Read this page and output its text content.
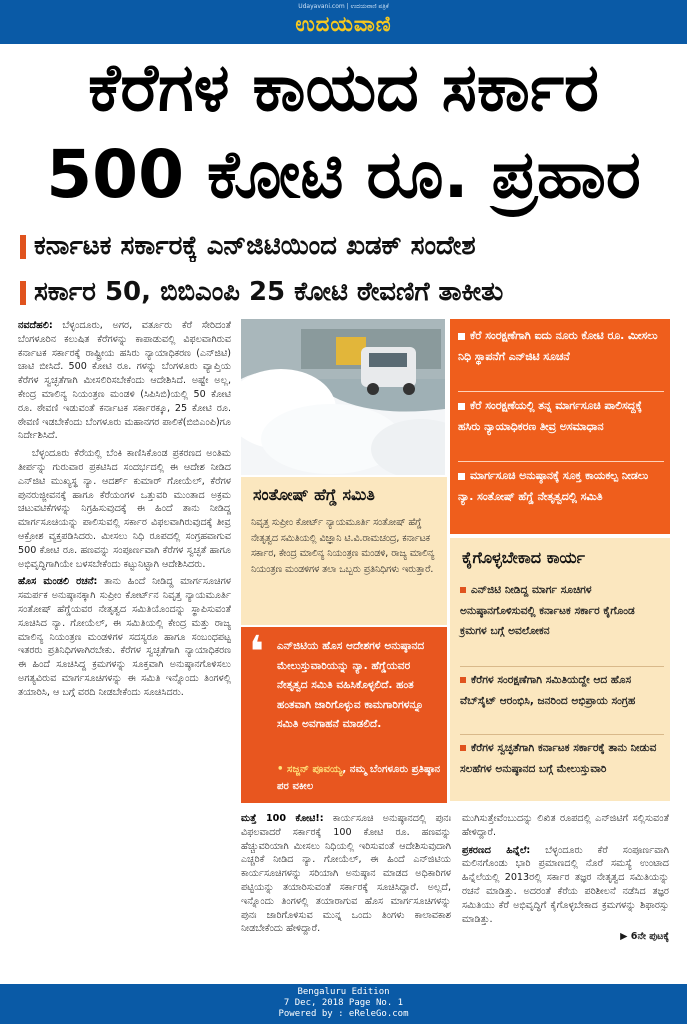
Udayavani.com | ಉದಯವಾಣಿ ಪತ್ರಿಕೆ
ಉದಯವಾಣಿ
ಕೆರೆಗಳ ಕಾಯದ ಸರ್ಕಾರ
500 ಕೋಟಿ ರೂ. ಪ್ರಹಾರ
ಕರ್ನಾಟಕ ಸರ್ಕಾರಕ್ಕೆ ಎನ್‌ಜಿಟಿಯಿಂದ ಖಡಕ್ ಸಂದೇಶ
ಸರ್ಕಾರ 50, ಬಿಬಿಎಂಪಿ 25 ಕೋಟಿ ಠೇವಣಿಗೆ ತಾಕೀತು

ನವದೆಹಲಿ: ಬೆಳ್ಳಂದೂರು, ಅಗರ, ವರ್ತೂರು ಕೆರೆ ಸೇರಿದಂತೆ ಬೆಂಗಳೂರಿನ ಕಲುಷಿತ ಕೆರೆಗಳನ್ನು ಕಾಪಾಡುವಲ್ಲಿ ವಿಫಲವಾಗಿರುವ ಕರ್ನಾಟಕ ಸರ್ಕಾರಕ್ಕೆ ರಾಷ್ಟ್ರೀಯ ಹಸಿರು ನ್ಯಾಯಾಧಿಕರಣ (ಎನ್‌ಜಿಟಿ) ಚಾಟಿ ಬೀಸಿದೆ. 500 ಕೋಟಿ ರೂ. ಗಳನ್ನು ಬೆಂಗಳೂರು ವ್ಯಾಪ್ತಿಯ ಕೆರೆಗಳ ಸ್ವಚ್ಛತೆಗಾಗಿ ಮೀಸಲಿರಿಸಬೇಕೆಂದು ಆದೇಶಿಸಿದೆ. ಅಷ್ಟೇ ಅಲ್ಲ, ಕೇಂದ್ರ ಮಾಲಿನ್ಯ ನಿಯಂತ್ರಣ ಮಂಡಳಿ (ಸಿಪಿಸಿಬಿ)ಯಲ್ಲಿ 50 ಕೋಟಿ ರೂ. ಠೇವಣಿ ಇಡುವಂತೆ ಕರ್ನಾಟಕ ಸರ್ಕಾರಕ್ಕೂ, 25 ಕೋಟಿ ರೂ. ಠೇವಣಿ ಇಡಬೇಕೆಂದು ಬೆಂಗಳೂರು ಮಹಾನಗರ ಪಾಲಿಕೆ(ಬಿಬಿಎಂಪಿ)ಗೂ ನಿರ್ದೇಶಿಸಿದೆ.

ಬೆಳ್ಳಂದೂರು ಕೆರೆಯಲ್ಲಿ ಬೆಂಕಿ ಕಾಣಿಸಿಕೊಂಡ ಪ್ರಕರಣದ ಅಂತಿಮ ತೀರ್ಪನ್ನು ಗುರುವಾರ ಪ್ರಕಟಿಸಿದ ಸಂದರ್ಭದಲ್ಲಿ ಈ ಆದೇಶ ನೀಡಿದ ಎನ್‌ಜಿಟಿ ಮುಖ್ಯಸ್ಥ ನ್ಯಾ. ಆದರ್ಶ್ ಕುಮಾರ್ ಗೋಯೆಲ್, ಕೆರೆಗಳ ಪುನರುಜ್ಜೀವನಕ್ಕೆ ಹಾಗೂ ಕೆರೆಯಂಗಳ ಒತ್ತುವರಿ ಮುಂತಾದ ಅಕ್ರಮ ಚಟುವಟಿಕೆಗಳನ್ನು ನಿಗ್ರಹಿಸುವುದಕ್ಕೆ ಈ ಹಿಂದೆ ತಾನು ನೀಡಿದ್ದ ಮಾರ್ಗಸೂಚಿಯನ್ನು ಪಾಲಿಸುವಲ್ಲಿ ಸರ್ಕಾರ ವಿಫಲವಾಗಿರುವುದಕ್ಕೆ ತೀವ್ರ ಆಕ್ರೋಶ ವ್ಯಕ್ತಪಡಿಸಿದರು. ಮೀಸಲು ನಿಧಿ ರೂಪದಲ್ಲಿ ಸಂಗ್ರಹವಾಗುವ 500 ಕೋಟಿ ರೂ. ಹಣವನ್ನು ಸಂಪೂರ್ಣವಾಗಿ ಕೆರೆಗಳ ಸ್ವಚ್ಛತೆ ಹಾಗೂ ಅಭಿವೃದ್ಧಿಗಾಗಿಯೇ ಬಳಸಬೇಕೆಂದು ಕಟ್ಟುನಿಟ್ಟಾಗಿ ಆದೇಶಿಸಿದರು.

ಹೊಸ ಮಂಡಲಿ ರಚನೆ: ತಾನು ಹಿಂದೆ ನೀಡಿದ್ದ ಮಾರ್ಗಸೂಚಿಗಳ ಸಮರ್ಪಕ ಅನುಷ್ಠಾನಕ್ಕಾಗಿ ಸುಪ್ರೀಂ ಕೋರ್ಟ್‌ನ ನಿವೃತ್ತ ನ್ಯಾಯಮೂರ್ತಿ ಸಂತೋಷ್ ಹೆಗ್ಡೆಯವರ ನೇತೃತ್ವದ ಸಮಿತಿಯೊಂದನ್ನು ಸ್ಥಾಪಿಸುವಂತೆ ಸೂಚಿಸಿದ ನ್ಯಾ. ಗೋಯೆಲ್, ಈ ಸಮಿತಿಯಲ್ಲಿ ಕೇಂದ್ರ ಮತ್ತು ರಾಜ್ಯ ಮಾಲಿನ್ಯ ನಿಯಂತ್ರಣ ಮಂಡಳಿಗಳ ಸದಸ್ಯರೂ ಹಾಗೂ ಸಂಬಂಧಪಟ್ಟ ಇತರರು ಪ್ರತಿನಿಧಿಗಳಾಗಿರಬೇಕು. ಕೆರೆಗಳ ಸ್ವಚ್ಛತೆಗಾಗಿ ನ್ಯಾಯಾಧಿಕರಣ ಈ ಹಿಂದೆ ಸೂಚಿಸಿದ್ದ ಕ್ರಮಗಳನ್ನು ಸೂಕ್ತವಾಗಿ ಅನುಷ್ಠಾನಗೊಳಿಸಲು ಅಗತ್ಯವಿರುವ ಮಾರ್ಗಸೂಚಿಗಳನ್ನು ಈ ಸಮಿತಿ ಇನ್ನೊಂದು ತಿಂಗಳಲ್ಲಿ ತಯಾರಿಸಿ, ಆ ಬಗ್ಗೆ ವರದಿ ನೀಡಬೇಕೆಂದು ಸೂಚಿಸಿದರು.

ಸಂತೋಷ್ ಹೆಗ್ಡೆ ಸಮಿತಿ
ನಿವೃತ್ತ ಸುಪ್ರೀಂ ಕೋರ್ಟ್ ನ್ಯಾಯಮೂರ್ತಿ ಸಂತೋಷ್ ಹೆಗ್ಡೆ ನೇತೃತ್ವದ ಸಮಿತಿಯಲ್ಲಿ ವಿಜ್ಞಾನಿ ಟಿ.ವಿ.ರಾಮಚಂದ್ರ, ಕರ್ನಾಟಕ ಸರ್ಕಾರ, ಕೇಂದ್ರ ಮಾಲಿನ್ಯ ನಿಯಂತ್ರಣ ಮಂಡಳಿ, ರಾಜ್ಯ ಮಾಲಿನ್ಯ ನಿಯಂತ್ರಣ ಮಂಡಳಿಗಳ ತಲಾ ಒಬ್ಬರು ಪ್ರತಿನಿಧಿಗಳು ಇರುತ್ತಾರೆ.
❛ ಎನ್‌ಜಿಟಿಯ ಹೊಸ ಆದೇಶಗಳ ಅನುಷ್ಠಾನದ ಮೇಲುಸ್ತುವಾರಿಯನ್ನು ನ್ಯಾ. ಹೆಗ್ಡೆಯವರ ನೇತೃತ್ವದ ಸಮಿತಿ ವಹಿಸಿಕೊಳ್ಳಲಿದೆ. ಹಂತ ಹಂತವಾಗಿ ಜಾರಿಗೊಳ್ಳುವ ಕಾಮಗಾರಿಗಳನ್ನೂ ಸಮಿತಿ ಅವಗಾಹನೆ ಮಾಡಲಿದೆ.
• ಸಜ್ಜನ್ ಪೂವಯ್ಯ, ನಮ್ಮ ಬೆಂಗಳೂರು ಪ್ರತಿಷ್ಠಾನ ಪರ ವಕೀಲ
ಕೆರೆ ಸಂರಕ್ಷಣೆಗಾಗಿ ಐದು ನೂರು ಕೋಟಿ ರೂ. ಮೀಸಲು ನಿಧಿ ಸ್ಥಾಪನೆಗೆ ಎನ್‌ಜಿಟಿ ಸೂಚನೆ
ಕೆರೆ ಸಂರಕ್ಷಣೆಯಲ್ಲಿ ತನ್ನ ಮಾರ್ಗಸೂಚಿ ಪಾಲಿಸದ್ದಕ್ಕೆ ಹಸಿರು ನ್ಯಾಯಾಧಿಕರಣ ತೀವ್ರ ಅಸಮಾಧಾನ
ಮಾರ್ಗಸೂಚಿ ಅನುಷ್ಠಾನಕ್ಕೆ ಸೂಕ್ತ ಕಾಯಕಲ್ಪ ನೀಡಲು ನ್ಯಾ. ಸಂತೋಷ್ ಹೆಗ್ಡೆ ನೇತೃತ್ವದಲ್ಲಿ ಸಮಿತಿ
ಕೈಗೊಳ್ಳಬೇಕಾದ ಕಾರ್ಯ
ಎನ್‌ಜಿಟಿ ನೀಡಿದ್ದ ಮಾರ್ಗ ಸೂಚಿಗಳ ಅನುಷ್ಠಾನಗೊಳಿಸುವಲ್ಲಿ ಕರ್ನಾಟಕ ಸರ್ಕಾರ ಕೈಗೊಂಡ ಕ್ರಮಗಳ ಬಗ್ಗೆ ಅವಲೋಕನ
ಕೆರೆಗಳ ಸಂರಕ್ಷಣೆಗಾಗಿ ಸಮಿತಿಯದ್ದೇ ಆದ ಹೊಸ ವೆಬ್‌ಸೈಟ್ ಆರಂಭಿಸಿ, ಜನರಿಂದ ಅಭಿಪ್ರಾಯ ಸಂಗ್ರಹ
ಕೆರೆಗಳ ಸ್ವಚ್ಛತೆಗಾಗಿ ಕರ್ನಾಟಕ ಸರ್ಕಾರಕ್ಕೆ ತಾನು ನೀಡುವ ಸಲಹೆಗಳ ಅನುಷ್ಠಾನದ ಬಗ್ಗೆ ಮೇಲುಸ್ತುವಾರಿ

ಮತ್ತೆ 100 ಕೋಟಿ!: ಕಾರ್ಯಸೂಚಿ ಅನುಷ್ಠಾನದಲ್ಲಿ ಪುನಃ ವಿಫಲವಾದರೆ ಸರ್ಕಾರಕ್ಕೆ 100 ಕೋಟಿ ರೂ. ಹಣವನ್ನು ಹೆಚ್ಚುವರಿಯಾಗಿ ಮೀಸಲು ನಿಧಿಯಲ್ಲಿ ಇರಿಸುವಂತೆ ಆದೇಶಿಸುವುದಾಗಿ ಎಚ್ಚರಿಕೆ ನೀಡಿದ ನ್ಯಾ. ಗೋಯೆಲ್, ಈ ಹಿಂದೆ ಎನ್‌ಜಿಟಿಯ ಕಾರ್ಯಸೂಚಿಗಳನ್ನು ಸರಿಯಾಗಿ ಅನುಷ್ಠಾನ ಮಾಡದ ಅಧಿಕಾರಿಗಳ ಪಟ್ಟಿಯನ್ನು ತಯಾರಿಸುವಂತೆ ಸರ್ಕಾರಕ್ಕೆ ಸೂಚಿಸಿದ್ದಾರೆ. ಅಲ್ಲದೆ, ಇನ್ನೊಂದು ತಿಂಗಳಲ್ಲಿ ತಯಾರಾಗುವ ಹೊಸ ಮಾರ್ಗಸೂಚಿಗಳನ್ನು ಪುನಃ ಜಾರಿಗೊಳಿಸುವ ಮುನ್ನ ಒಂದು ತಿಂಗಳು ಕಾಲಾವಕಾಶ ನೀಡಬೇಕೆಂದು ಹೇಳಿದ್ದಾರೆ.

ಮುಗಿಸುತ್ತೇವೆಂಬುದನ್ನು ಲಿಖಿತ ರೂಪದಲ್ಲಿ ಎನ್‌ಜಿಟಿಗೆ ಸಲ್ಲಿಸುವಂತೆ ಹೇಳಿದ್ದಾರೆ.

ಪ್ರಕರಣದ ಹಿನ್ನೆಲೆ: ಬೆಳ್ಳಂದೂರು ಕೆರೆ ಸಂಪೂರ್ಣವಾಗಿ ಮಲಿನಗೊಂಡು ಭಾರಿ ಪ್ರಮಾಣದಲ್ಲಿ ನೊರೆ ಸಮಸ್ಯೆ ಉಂಟಾದ ಹಿನ್ನೆಲೆಯಲ್ಲಿ 2013ರಲ್ಲಿ ಸರ್ಕಾರ ತಜ್ಞರ ನೇತೃತ್ವದ ಸಮಿತಿಯನ್ನು ರಚನೆ ಮಾಡಿತ್ತು. ಅದರಂತೆ ಕೆರೆಯ ಪರಿಶೀಲನೆ ನಡೆಸಿದ ತಜ್ಞರ ಸಮಿತಿಯು ಕೆರೆ ಅಭಿವೃದ್ಧಿಗೆ ಕೈಗೊಳ್ಳಬೇಕಾದ ಕ್ರಮಗಳನ್ನು ಶಿಫಾರಸ್ಸು ಮಾಡಿತ್ತು.

▶ 6ನೇ ಪುಟಕ್ಕೆ
Bengaluru Edition
7 Dec, 2018 Page No. 1
Powered by : eReleGo.com
